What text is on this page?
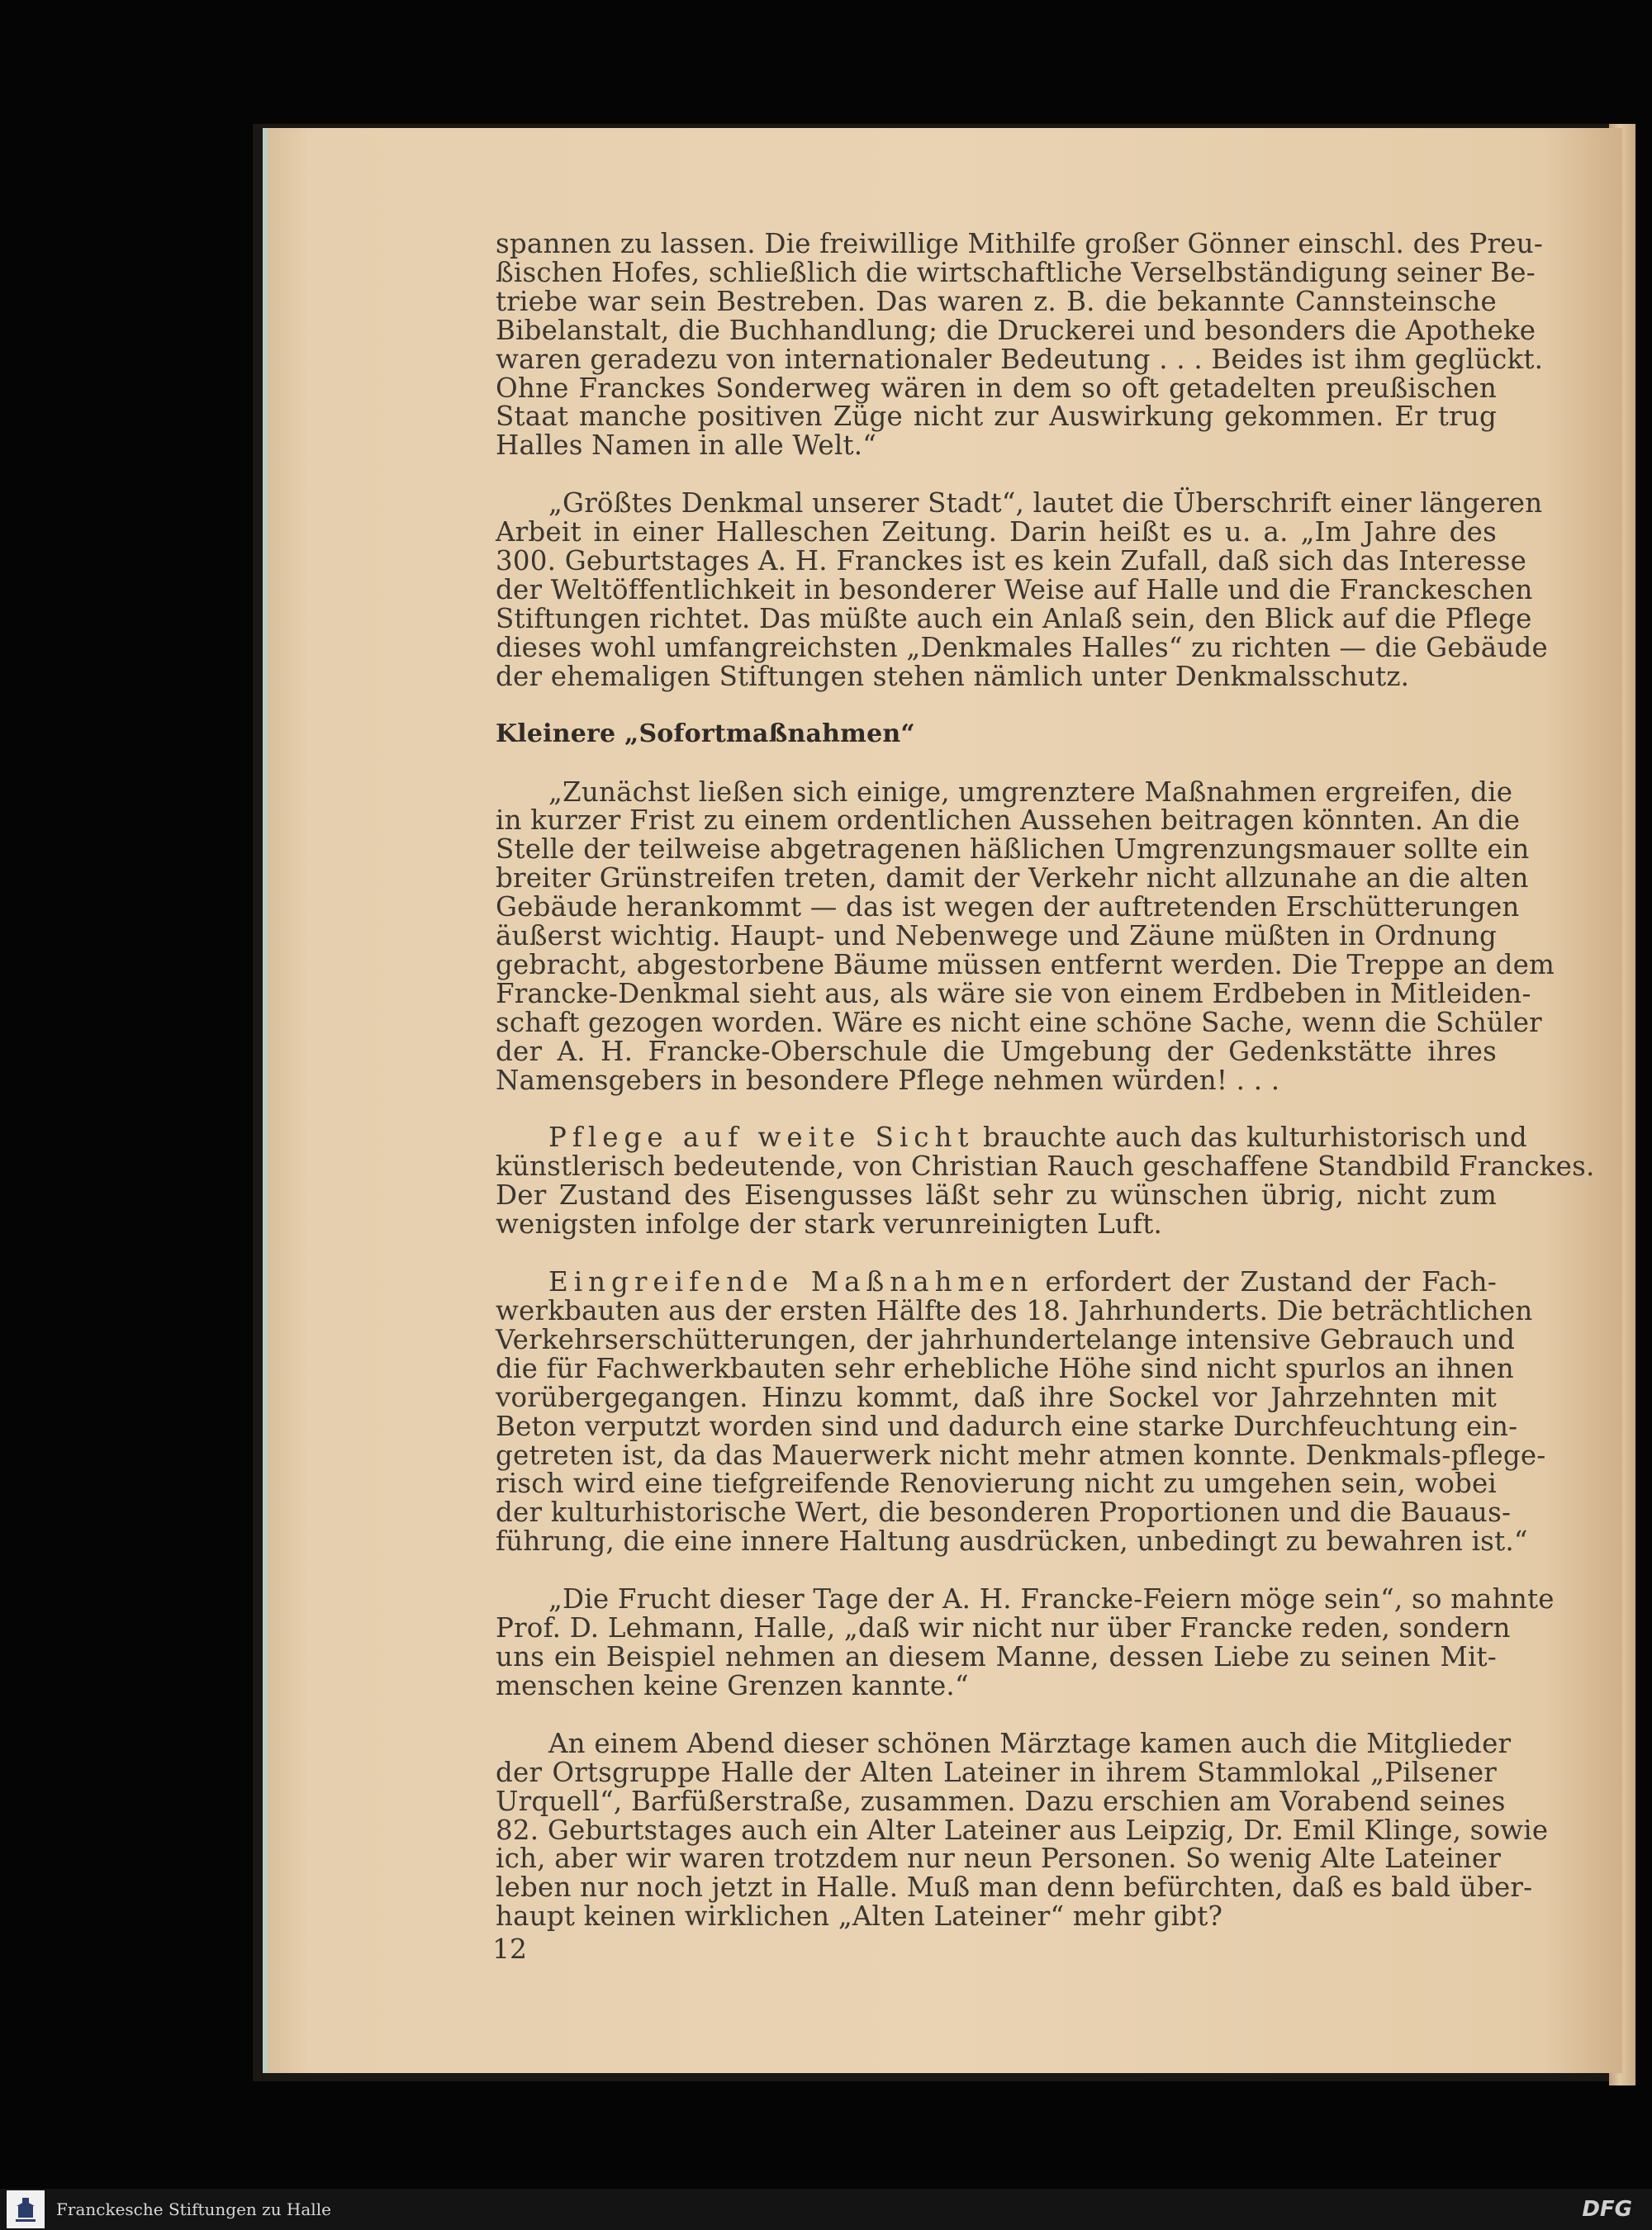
spannen zu lassen. Die freiwillige Mithilfe großer Gönner einschl. des Preu-
ßischen Hofes, schließlich die wirtschaftliche Verselbständigung seiner Be-
triebe war sein Bestreben. Das waren z. B. die bekannte Cannsteinsche
Bibelanstalt, die Buchhandlung; die Druckerei und besonders die Apotheke
waren geradezu von internationaler Bedeutung . . . Beides ist ihm geglückt.
Ohne Franckes Sonderweg wären in dem so oft getadelten preußischen
Staat manche positiven Züge nicht zur Auswirkung gekommen. Er trug
Halles Namen in alle Welt.“
„Größtes Denkmal unserer Stadt“, lautet die Überschrift einer längeren
Arbeit in einer Halleschen Zeitung. Darin heißt es u. a. „Im Jahre des
300. Geburtstages A. H. Franckes ist es kein Zufall, daß sich das Interesse
der Weltöffentlichkeit in besonderer Weise auf Halle und die Franckeschen
Stiftungen richtet. Das müßte auch ein Anlaß sein, den Blick auf die Pflege
dieses wohl umfangreichsten „Denkmales Halles“ zu richten — die Gebäude
der ehemaligen Stiftungen stehen nämlich unter Denkmalsschutz.

Kleinere „Sofortmaßnahmen“

„Zunächst ließen sich einige, umgrenztere Maßnahmen ergreifen, die
in kurzer Frist zu einem ordentlichen Aussehen beitragen könnten. An die
Stelle der teilweise abgetragenen häßlichen Umgrenzungsmauer sollte ein
breiter Grünstreifen treten, damit der Verkehr nicht allzunahe an die alten
Gebäude herankommt — das ist wegen der auftretenden Erschütterungen
äußerst wichtig. Haupt- und Nebenwege und Zäune müßten in Ordnung
gebracht, abgestorbene Bäume müssen entfernt werden. Die Treppe an dem
Francke-Denkmal sieht aus, als wäre sie von einem Erdbeben in Mitleiden-
schaft gezogen worden. Wäre es nicht eine schöne Sache, wenn die Schüler
der A. H. Francke-Oberschule die Umgebung der Gedenkstätte ihres
Namensgebers in besondere Pflege nehmen würden! . . .
Pflege auf weite Sicht brauchte auch das kulturhistorisch und
künstlerisch bedeutende, von Christian Rauch geschaffene Standbild Franckes.
Der Zustand des Eisengusses läßt sehr zu wünschen übrig, nicht zum
wenigsten infolge der stark verunreinigten Luft.
Eingreifende Maßnahmen erfordert der Zustand der Fach-
werkbauten aus der ersten Hälfte des 18. Jahrhunderts. Die beträchtlichen
Verkehrserschütterungen, der jahrhundertelange intensive Gebrauch und
die für Fachwerkbauten sehr erhebliche Höhe sind nicht spurlos an ihnen
vorübergegangen. Hinzu kommt, daß ihre Sockel vor Jahrzehnten mit
Beton verputzt worden sind und dadurch eine starke Durchfeuchtung ein-
getreten ist, da das Mauerwerk nicht mehr atmen konnte. Denkmals-pflege-
risch wird eine tiefgreifende Renovierung nicht zu umgehen sein, wobei
der kulturhistorische Wert, die besonderen Proportionen und die Bauaus-
führung, die eine innere Haltung ausdrücken, unbedingt zu bewahren ist.“
„Die Frucht dieser Tage der A. H. Francke-Feiern möge sein“, so mahnte
Prof. D. Lehmann, Halle, „daß wir nicht nur über Francke reden, sondern
uns ein Beispiel nehmen an diesem Manne, dessen Liebe zu seinen Mit-
menschen keine Grenzen kannte.“
An einem Abend dieser schönen Märztage kamen auch die Mitglieder
der Ortsgruppe Halle der Alten Lateiner in ihrem Stammlokal „Pilsener
Urquell“, Barfüßerstraße, zusammen. Dazu erschien am Vorabend seines
82. Geburtstages auch ein Alter Lateiner aus Leipzig, Dr. Emil Klinge, sowie
ich, aber wir waren trotzdem nur neun Personen. So wenig Alte Lateiner
leben nur noch jetzt in Halle. Muß man denn befürchten, daß es bald über-
haupt keinen wirklichen „Alten Lateiner“ mehr gibt?
12
Franckesche Stiftungen zu Halle	DFG
